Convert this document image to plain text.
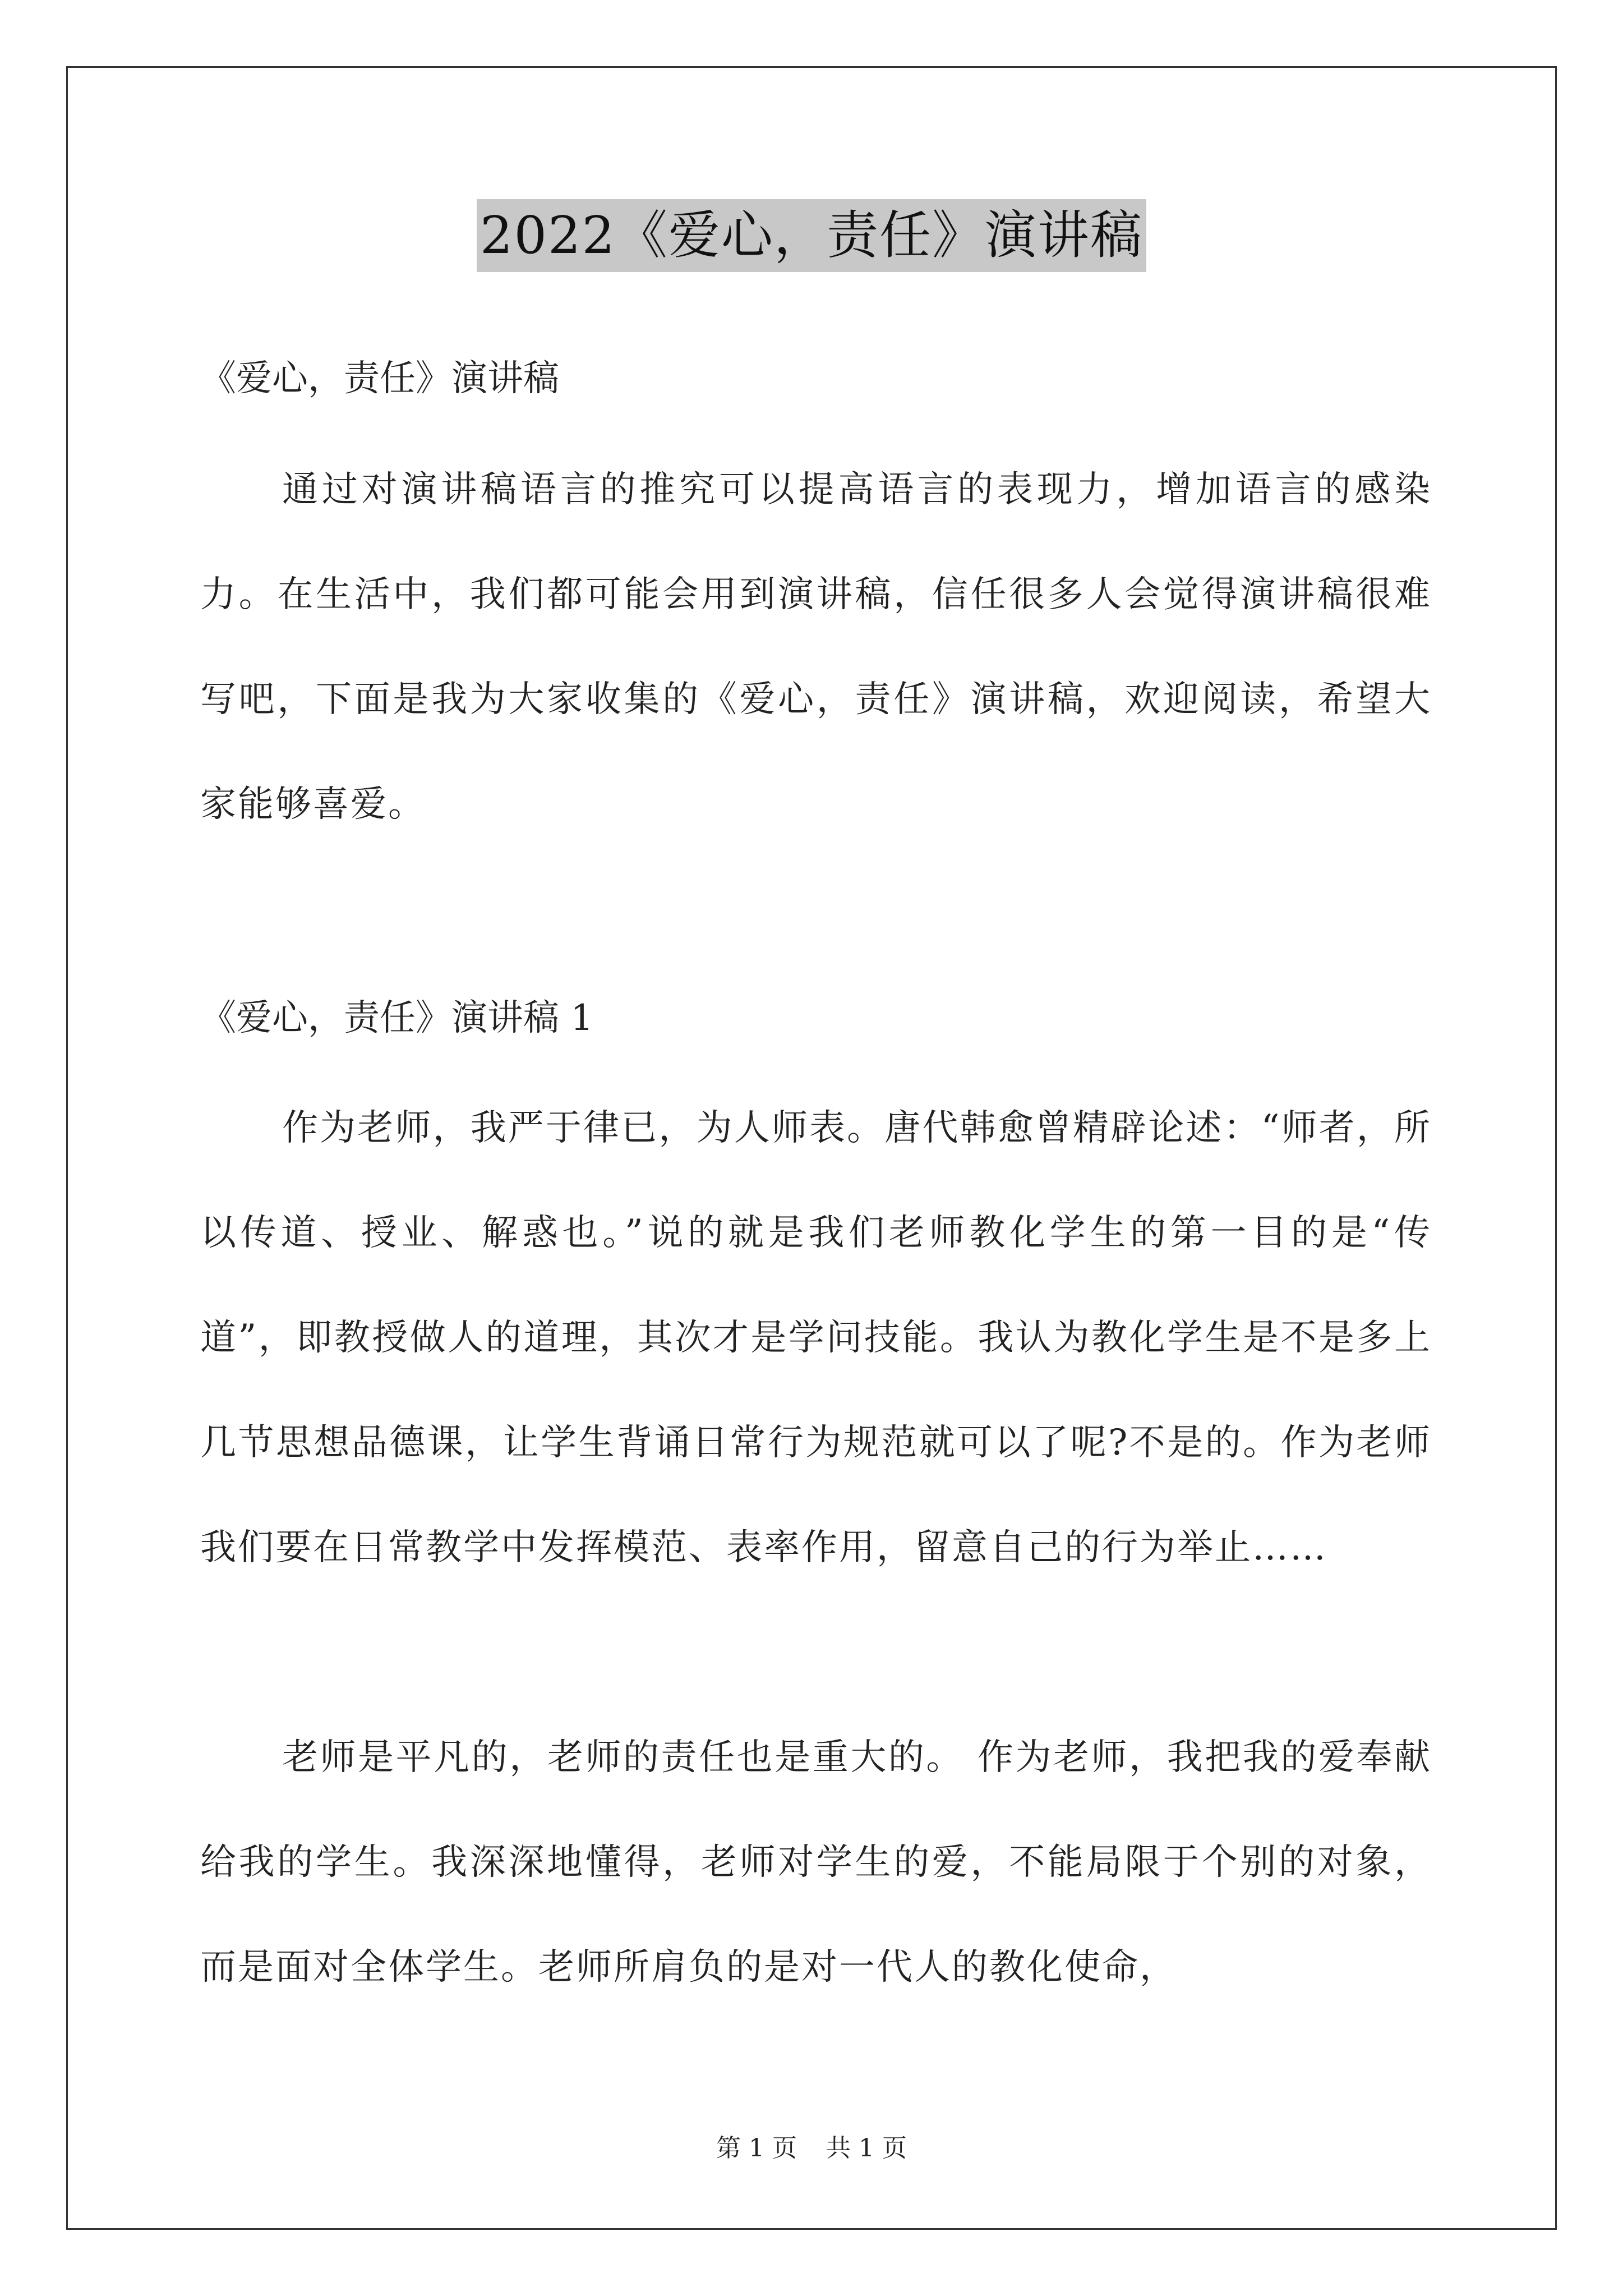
2022《爱心，责任》演讲稿
《爱心，责任》演讲稿
通过对演讲稿语言的推究可以提高语言的表现力，增加语言的感染力。在生活中，我们都可能会用到演讲稿，信任很多人会觉得演讲稿很难写吧，下面是我为大家收集的《爱心，责任》演讲稿，欢迎阅读，希望大家能够喜爱。
《爱心，责任》演讲稿 1
作为老师，我严于律已，为人师表。唐代韩愈曾精辟论述：“师者，所以传道、授业、解惑也。”说的就是我们老师教化学生的第一目的是“传道”，即教授做人的道理，其次才是学问技能。我认为教化学生是不是多上几节思想品德课，让学生背诵日常行为规范就可以了呢?不是的。作为老师我们要在日常教学中发挥模范、表率作用，留意自己的行为举止……
老师是平凡的，老师的责任也是重大的。 作为老师，我把我的爱奉献给我的学生。我深深地懂得，老师对学生的爱，不能局限于个别的对象，而是面对全体学生。老师所肩负的是对一代人的教化使命，
第 1 页 共 1 页
